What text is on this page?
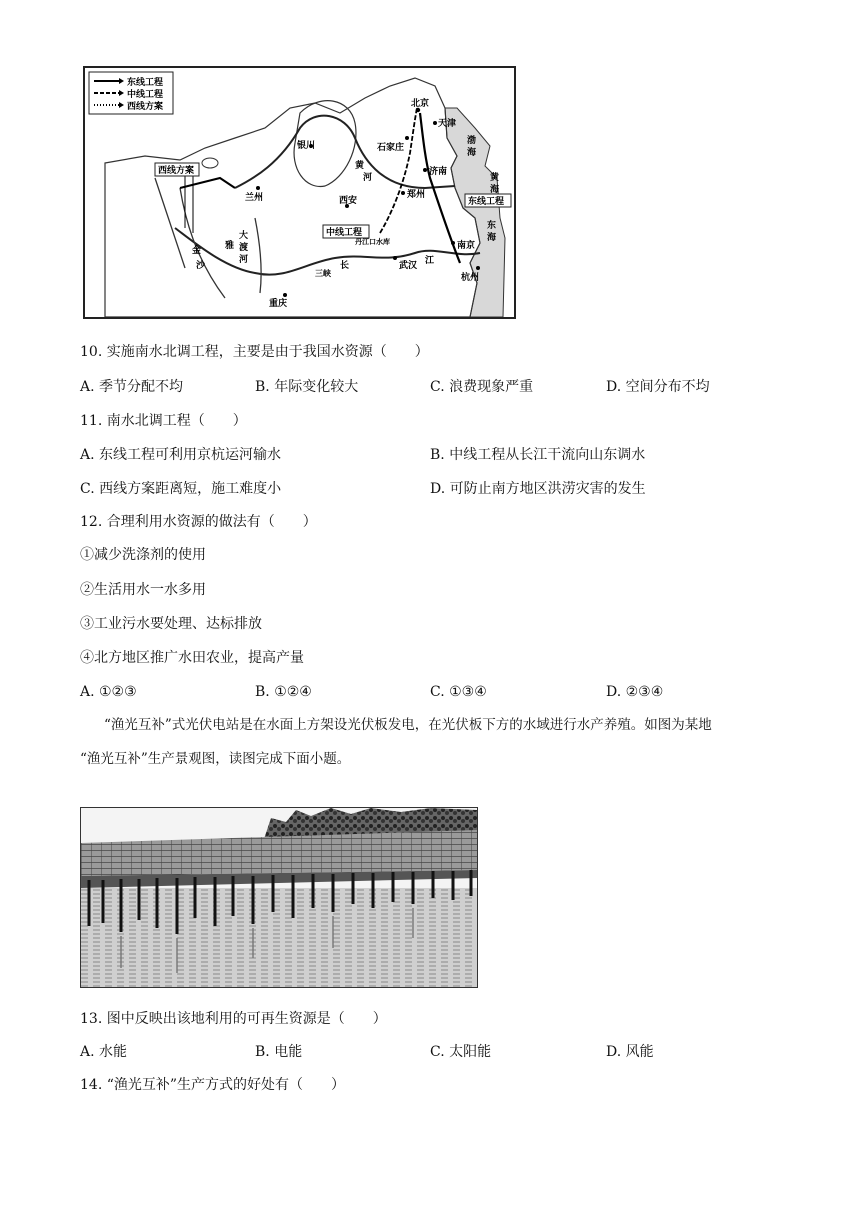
东线工程
中线工程
西线方案
西线方案
中线工程
东线工程
北京
天津
石家庄
济南
郑州
西安
兰州
银川
武汉
南京
杭州
重庆
丹江口水库
三峡
黄
河
长	江
金
沙
雅
大
渡
河
渤
海
黄
海
东
海
10. 实施南水北调工程，主要是由于我国水资源（　　）
A. 季节分配不均	B. 年际变化较大	C. 浪费现象严重	D. 空间分布不均
11. 南水北调工程（　　）
A. 东线工程可利用京杭运河输水	B. 中线工程从长江干流向山东调水
C. 西线方案距离短，施工难度小	D. 可防止南方地区洪涝灾害的发生
12. 合理利用水资源的做法有（　　）
①减少洗涤剂的使用
②生活用水一水多用
③工业污水要处理、达标排放
④北方地区推广水田农业，提高产量
A. ①②③	B. ①②④	C. ①③④	D. ②③④
“渔光互补”式光伏电站是在水面上方架设光伏板发电，在光伏板下方的水域进行水产养殖。如图为某地
“渔光互补”生产景观图，读图完成下面小题。
13. 图中反映出该地利用的可再生资源是（　　）
A. 水能	B. 电能	C. 太阳能	D. 风能
14. “渔光互补”生产方式的好处有（　　）
